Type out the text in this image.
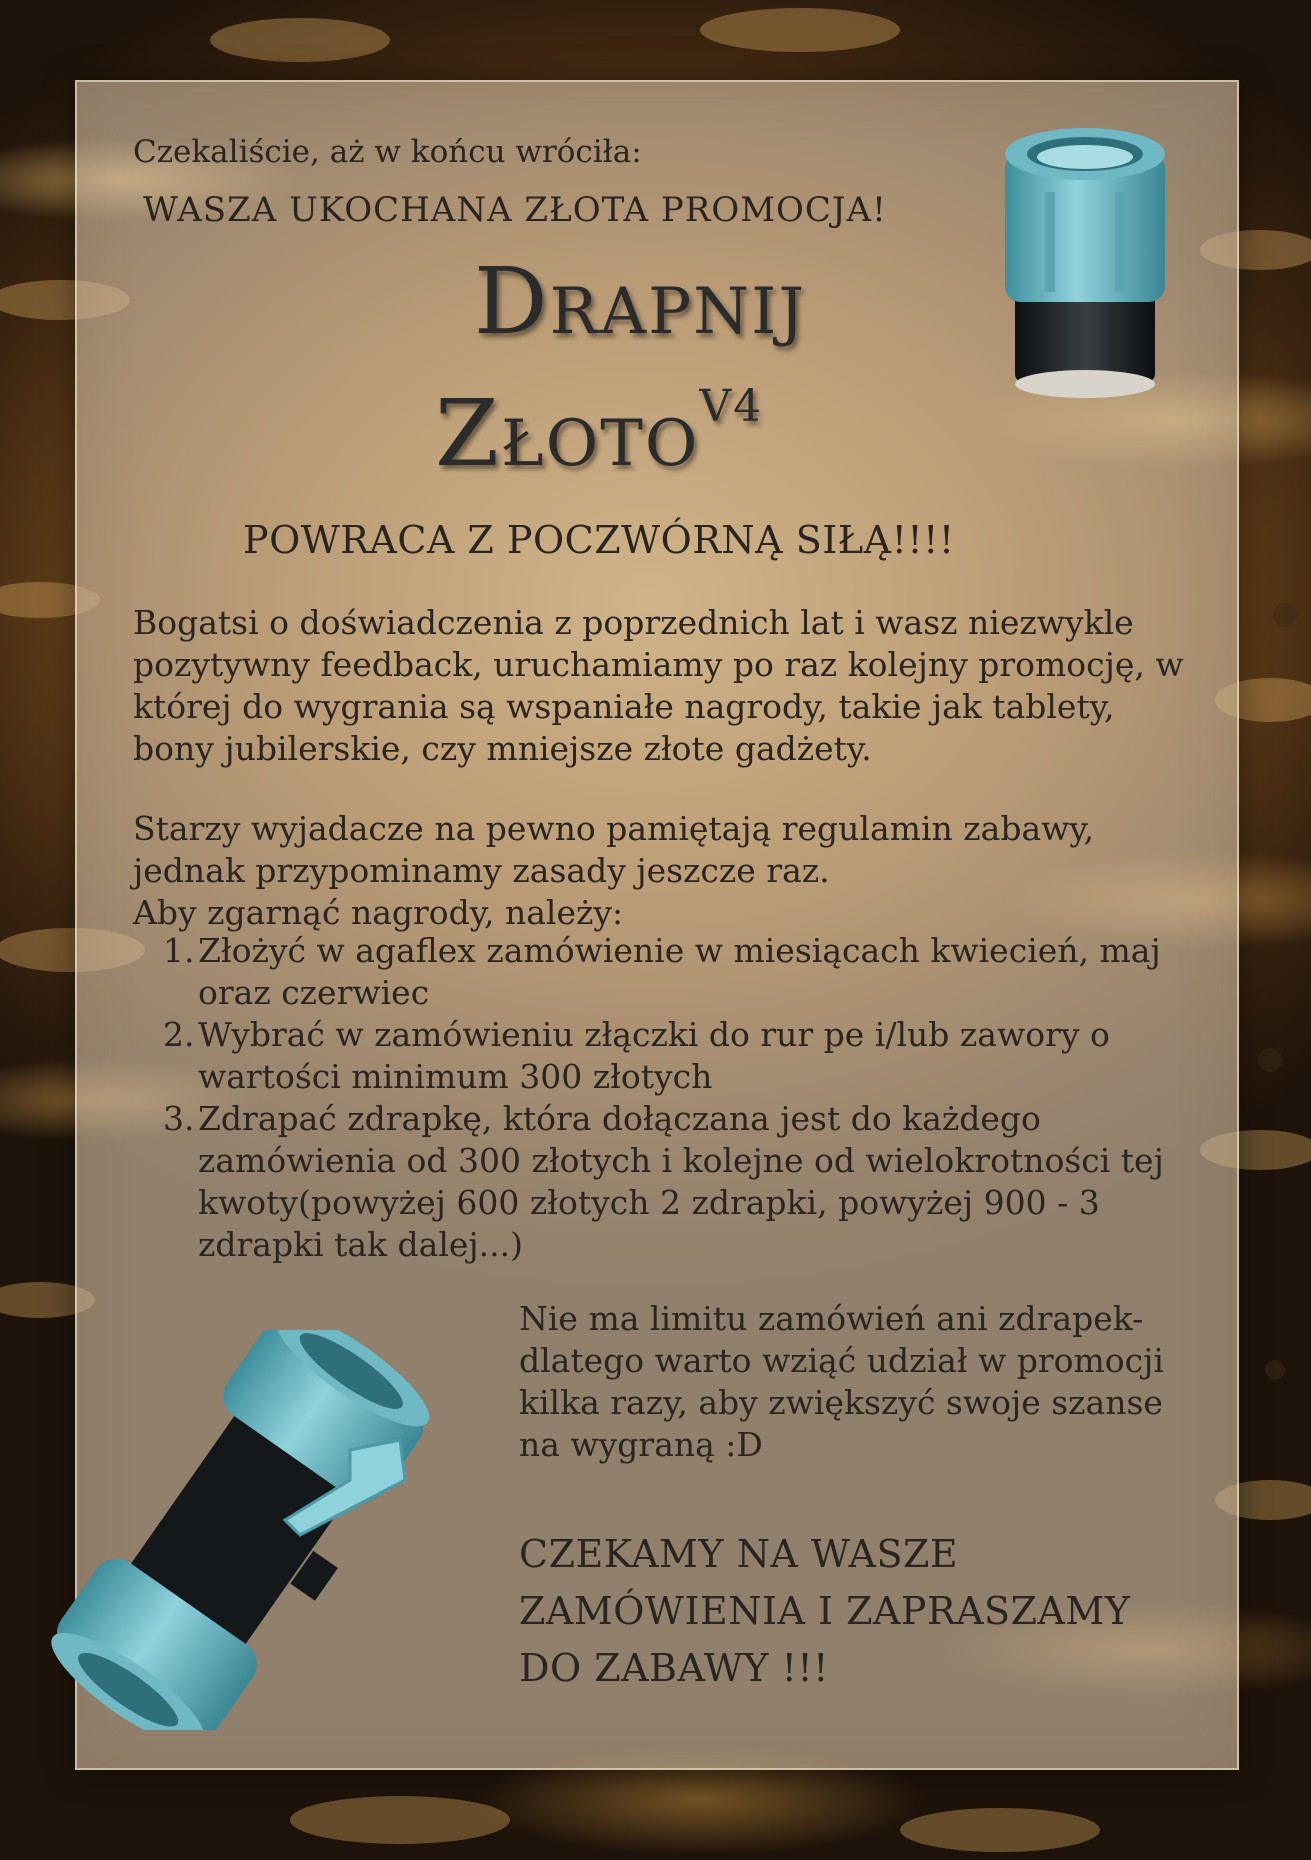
Czekaliście, aż w końcu wróciła:
WASZA UKOCHANA ZŁOTA PROMOCJA!
Drapnij
Złoto$^{V4}$
POWRACA Z POCZWÓRNĄ SIŁĄ!!!!
Bogatsi o doświadczenia z poprzednich lat i wasz niezwykle pozytywny feedback, uruchamiamy po raz kolejny promocję, w której do wygrania są wspaniałe nagrody, takie jak tablety, bony jubilerskie, czy mniejsze złote gadżety.
Starzy wyjadacze na pewno pamiętają regulamin zabawy, jednak przypominamy zasady jeszcze raz.
Aby zgarnąć nagrody, należy:
1. Złożyć w agaflex zamówienie w miesiącach kwiecień, maj oraz czerwiec
2. Wybrać w zamówieniu złączki do rur pe i/lub zawory o wartości minimum 300 złotych
3. Zdrapać zdrapkę, która dołączana jest do każdego zamówienia od 300 złotych i kolejne od wielokrotności tej kwoty(powyżej 600 złotych 2 zdrapki, powyżej 900 - 3 zdrapki tak dalej...)
Nie ma limitu zamówień ani zdrapek- dlatego warto wziąć udział w promocji kilka razy, aby zwiększyć swoje szanse na wygraną :D
CZEKAMY NA WASZE ZAMÓWIENIA I ZAPRASZAMY DO ZABAWY !!!
